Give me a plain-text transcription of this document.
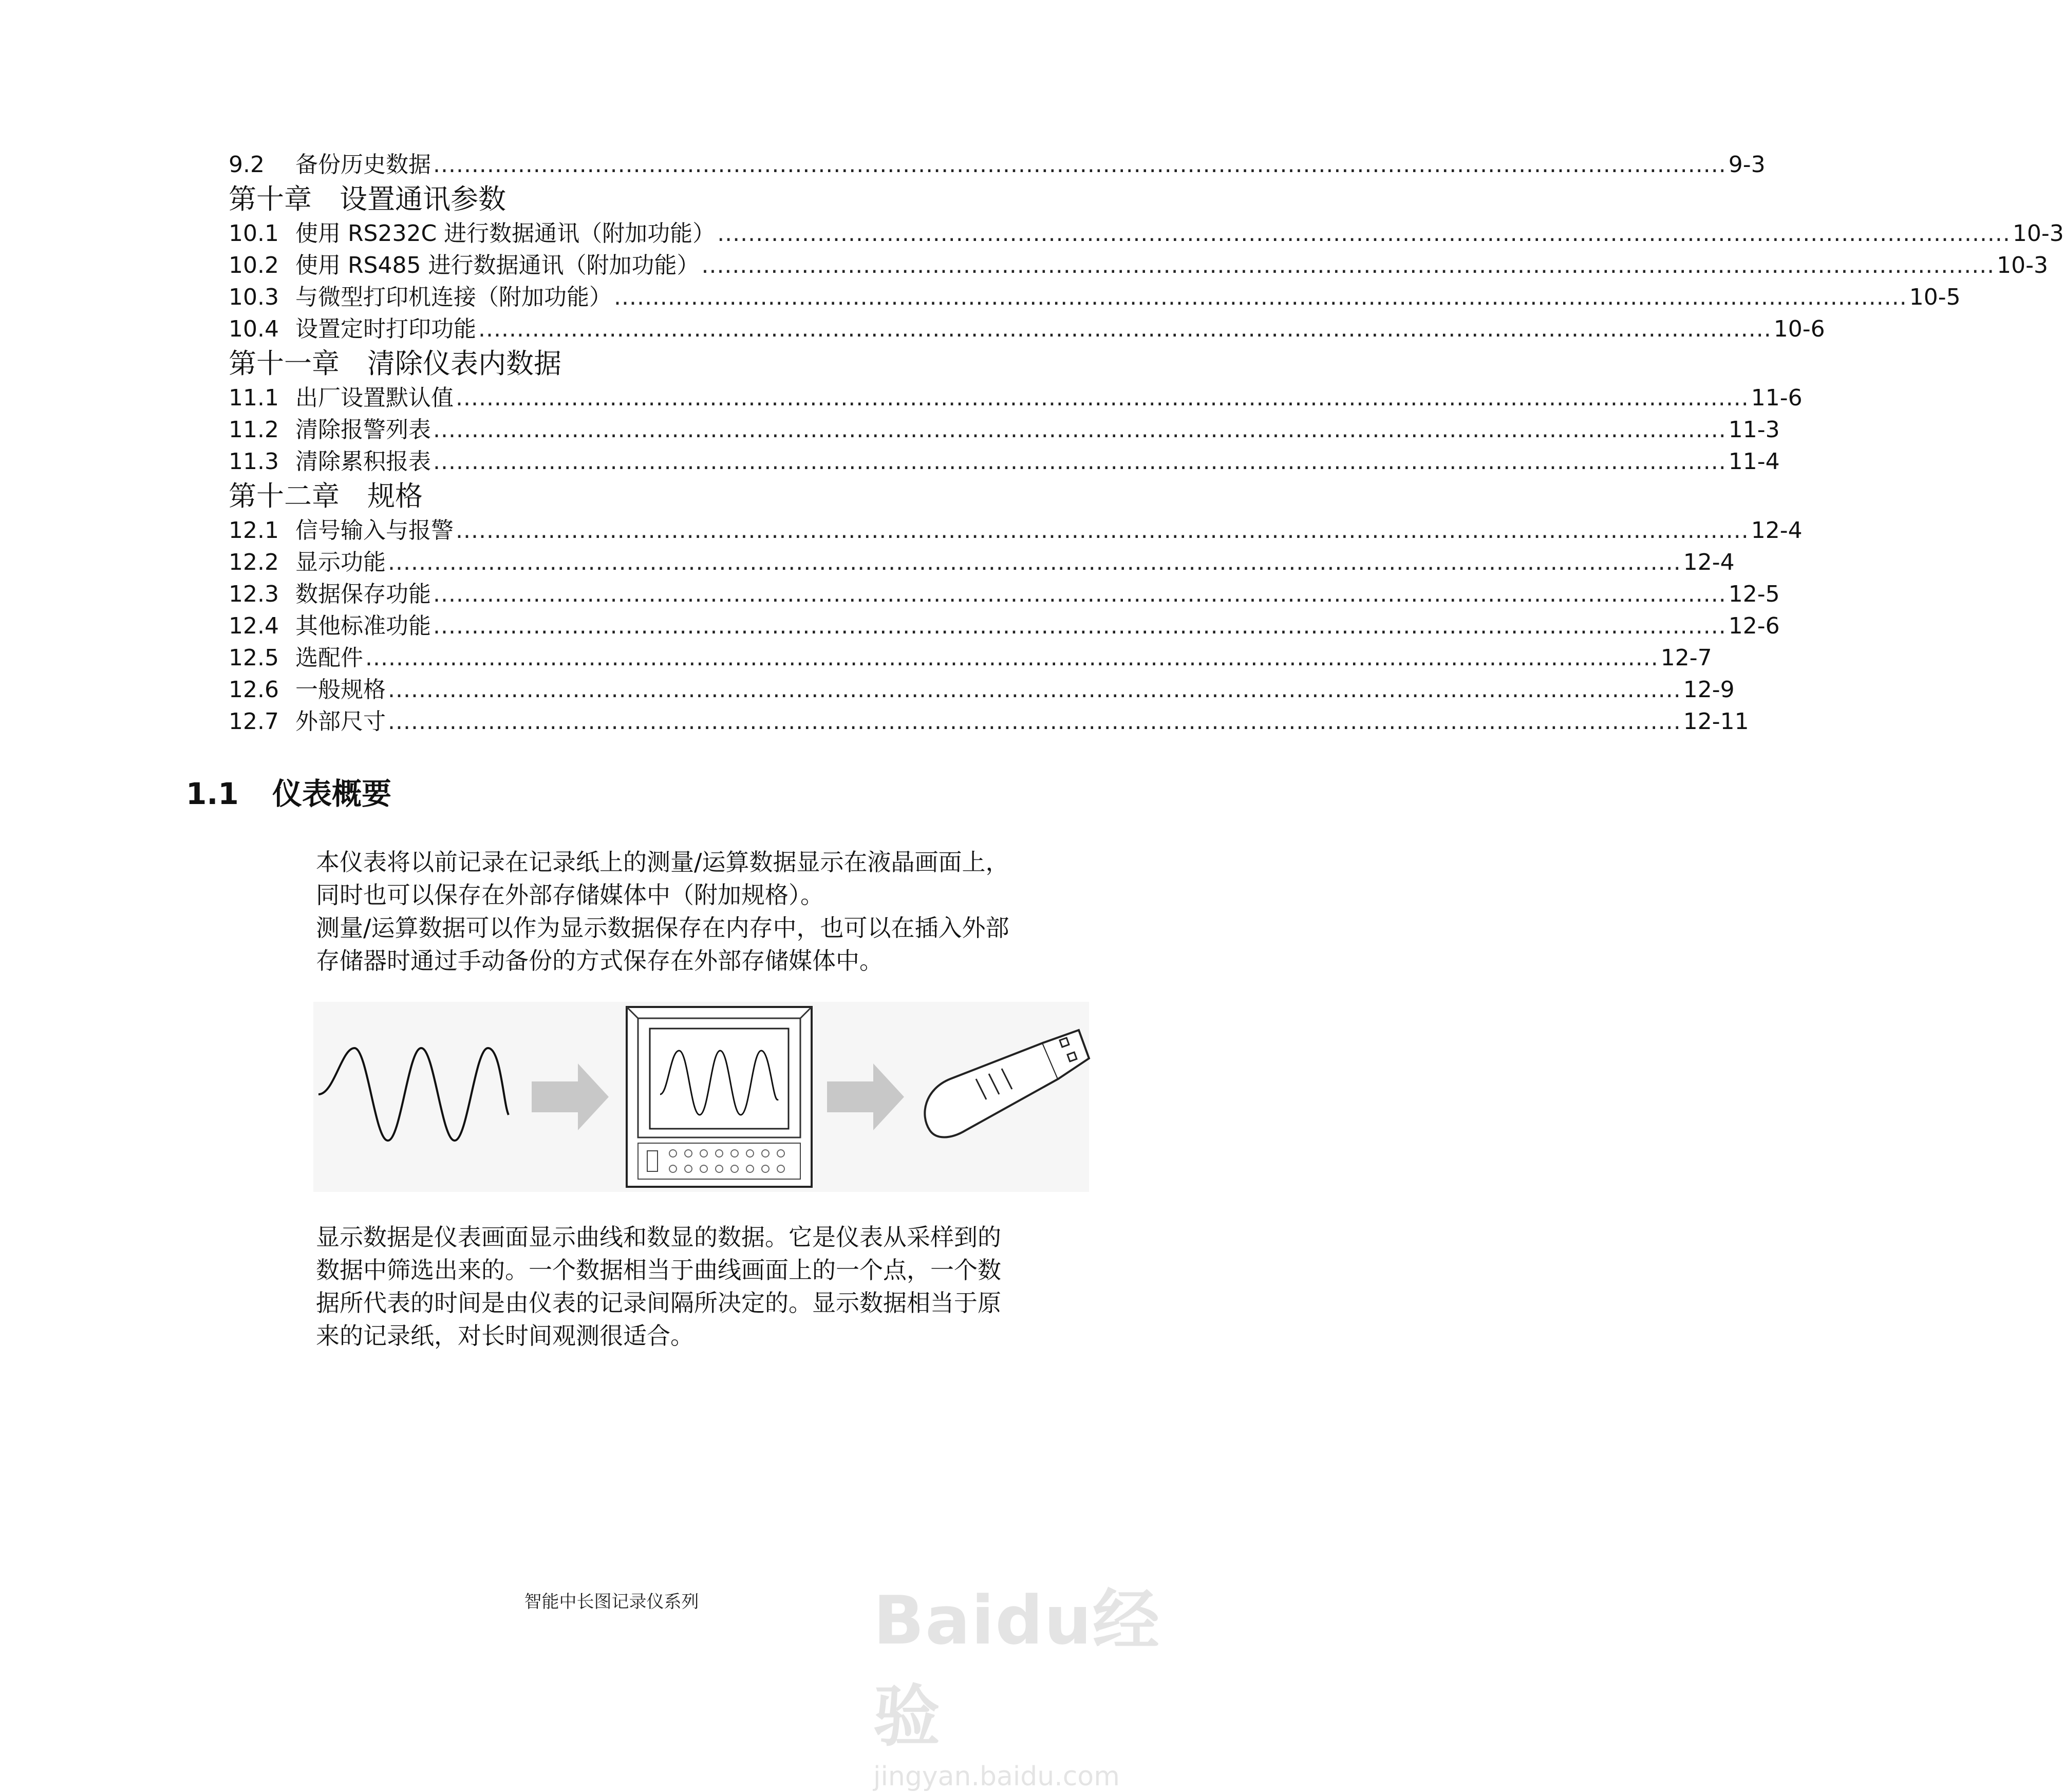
9.2	备份历史数据 ........................................................................................................................................................................ 9-3
第十章　设置通讯参数
10.1 使用 RS232C 进行数据通讯（附加功能） ........................................................................................................................................................................ 10-3
10.2 使用 RS485 进行数据通讯（附加功能） ........................................................................................................................................................................ 10-3
10.3 与微型打印机连接（附加功能） ........................................................................................................................................................................ 10-5
10.4 设置定时打印功能 ........................................................................................................................................................................ 10-6
第十一章　清除仪表内数据
11.1 出厂设置默认值 ........................................................................................................................................................................ 11-6
11.2 清除报警列表 ........................................................................................................................................................................ 11-3
11.3 清除累积报表 ........................................................................................................................................................................ 11-4
第十二章　规格
12.1 信号输入与报警 ........................................................................................................................................................................ 12-4
12.2 显示功能 ........................................................................................................................................................................ 12-4
12.3 数据保存功能 ........................................................................................................................................................................ 12-5
12.4 其他标准功能 ........................................................................................................................................................................ 12-6
12.5 选配件 ........................................................................................................................................................................ 12-7
12.6 一般规格 ........................................................................................................................................................................ 12-9
12.7 外部尺寸 ........................................................................................................................................................................ 12-11
1.1 仪表概要

本仪表将以前记录在记录纸上的测量/运算数据显示在液晶画面上，

同时也可以保存在外部存储媒体中（附加规格）。

测量/运算数据可以作为显示数据保存在内存中，也可以在插入外部

存储器时通过手动备份的方式保存在外部存储媒体中。

显示数据是仪表画面显示曲线和数显的数据。它是仪表从采样到的

数据中筛选出来的。一个数据相当于曲线画面上的一个点，一个数

据所代表的时间是由仪表的记录间隔所决定的。显示数据相当于原

来的记录纸，对长时间观测很适合。

智能中长图记录仪系列	Baidu经验
jingyan.baidu.com
